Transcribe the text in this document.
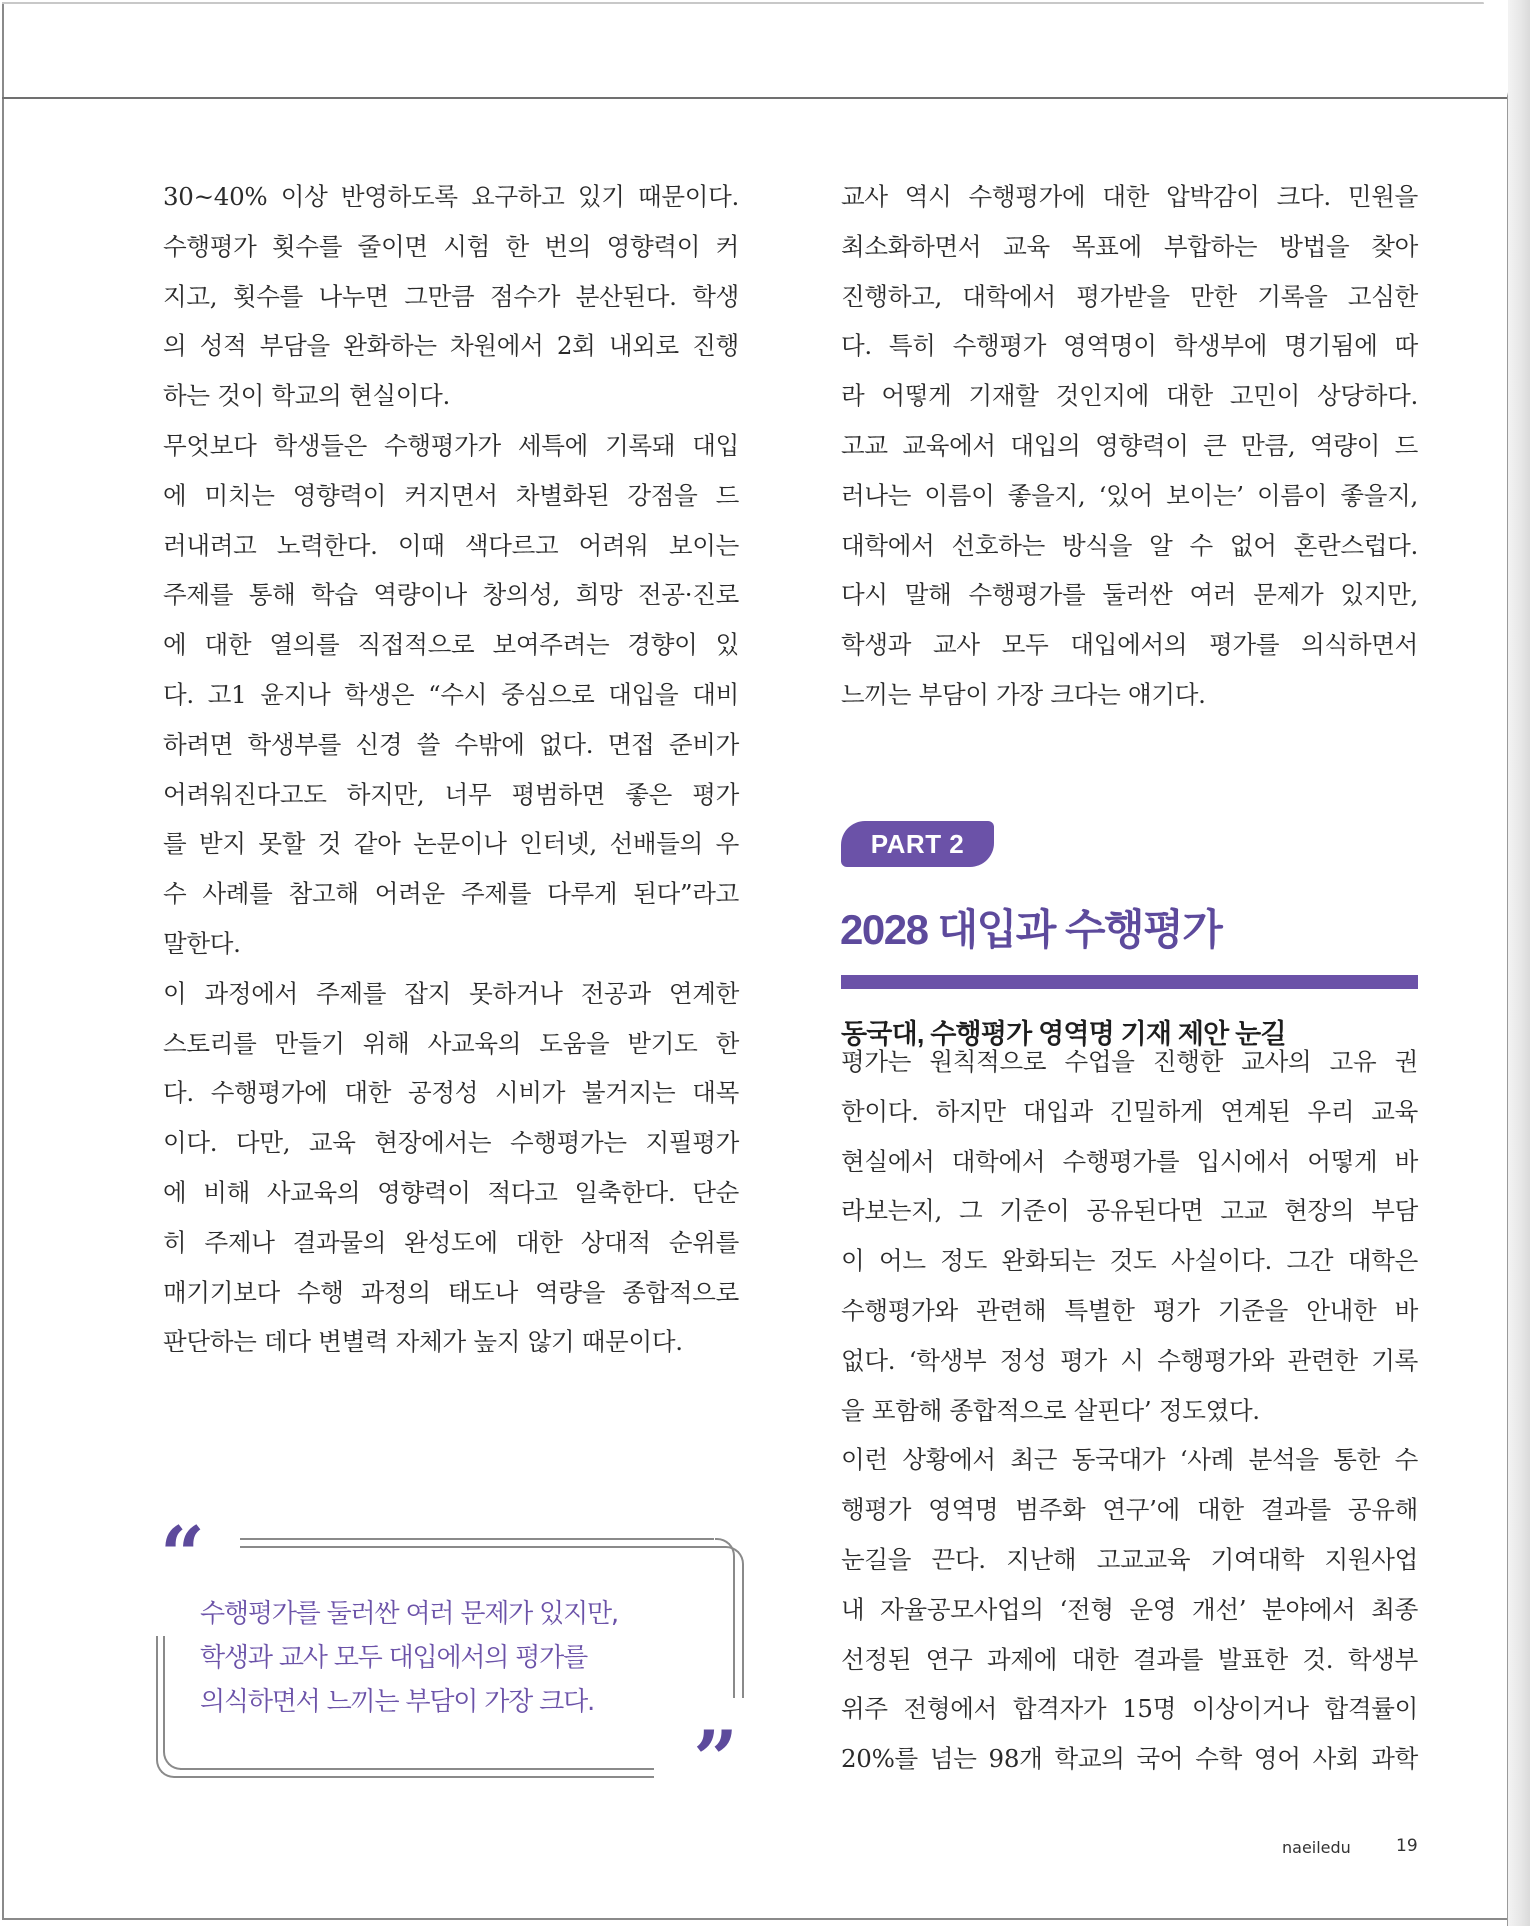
30~40% 이상 반영하도록 요구하고 있기 때문이다.
수행평가 횟수를 줄이면 시험 한 번의 영향력이 커
지고, 횟수를 나누면 그만큼 점수가 분산된다. 학생
의 성적 부담을 완화하는 차원에서 2회 내외로 진행
하는 것이 학교의 현실이다.

무엇보다 학생들은 수행평가가 세특에 기록돼 대입
에 미치는 영향력이 커지면서 차별화된 강점을 드
러내려고 노력한다. 이때 색다르고 어려워 보이는
주제를 통해 학습 역량이나 창의성, 희망 전공·진로
에 대한 열의를 직접적으로 보여주려는 경향이 있
다. 고1 윤지나 학생은 “수시 중심으로 대입을 대비
하려면 학생부를 신경 쓸 수밖에 없다. 면접 준비가
어려워진다고도 하지만, 너무 평범하면 좋은 평가
를 받지 못할 것 같아 논문이나 인터넷, 선배들의 우
수 사례를 참고해 어려운 주제를 다루게 된다”라고
말한다.

이 과정에서 주제를 잡지 못하거나 전공과 연계한
스토리를 만들기 위해 사교육의 도움을 받기도 한
다. 수행평가에 대한 공정성 시비가 불거지는 대목
이다. 다만, 교육 현장에서는 수행평가는 지필평가
에 비해 사교육의 영향력이 적다고 일축한다. 단순
히 주제나 결과물의 완성도에 대한 상대적 순위를
매기기보다 수행 과정의 태도나 역량을 종합적으로
판단하는 데다 변별력 자체가 높지 않기 때문이다.

교사 역시 수행평가에 대한 압박감이 크다. 민원을
최소화하면서 교육 목표에 부합하는 방법을 찾아
진행하고, 대학에서 평가받을 만한 기록을 고심한
다. 특히 수행평가 영역명이 학생부에 명기됨에 따
라 어떻게 기재할 것인지에 대한 고민이 상당하다.
고교 교육에서 대입의 영향력이 큰 만큼, 역량이 드
러나는 이름이 좋을지, ‘있어 보이는’ 이름이 좋을지,
대학에서 선호하는 방식을 알 수 없어 혼란스럽다.
다시 말해 수행평가를 둘러싼 여러 문제가 있지만,
학생과 교사 모두 대입에서의 평가를 의식하면서
느끼는 부담이 가장 크다는 얘기다.

PART 2
2028 대입과 수행평가
동국대, 수행평가 영역명 기재 제안 눈길

평가는 원칙적으로 수업을 진행한 교사의 고유 권
한이다. 하지만 대입과 긴밀하게 연계된 우리 교육
현실에서 대학에서 수행평가를 입시에서 어떻게 바
라보는지, 그 기준이 공유된다면 고교 현장의 부담
이 어느 정도 완화되는 것도 사실이다. 그간 대학은
수행평가와 관련해 특별한 평가 기준을 안내한 바
없다. ‘학생부 정성 평가 시 수행평가와 관련한 기록
을 포함해 종합적으로 살핀다’ 정도였다.

이런 상황에서 최근 동국대가 ‘사례 분석을 통한 수
행평가 영역명 범주화 연구’에 대한 결과를 공유해
눈길을 끈다. 지난해 고교교육 기여대학 지원사업
내 자율공모사업의 ‘전형 운영 개선’ 분야에서 최종
선정된 연구 과제에 대한 결과를 발표한 것. 학생부
위주 전형에서 합격자가 15명 이상이거나 합격률이
20%를 넘는 98개 학교의 국어 수학 영어 사회 과학

“
수행평가를 둘러싼 여러 문제가 있지만,
학생과 교사 모두 대입에서의 평가를
의식하면서 느끼는 부담이 가장 크다.
”
naeiledu	19
